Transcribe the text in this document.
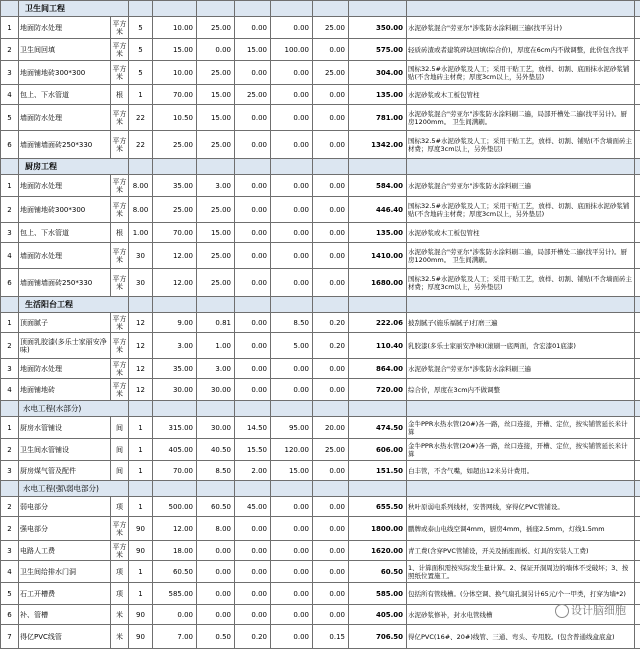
	卫生间工程										
1	地面防水处理	平方米	5	10.00	25.00	0.00	0.00	25.00	350.00	水泥砂浆混合"劳亚尔"涉浆防水涂料刷三遍(找平另计)	
2	卫生间回填	平方米	5	15.00	0.00	15.00	100.00	0.00	575.00	轻质砖渣或者建筑碎块回填(综合价)，厚度在6cm内不做调整，此价包含找平	
3	地面铺地砖300*300	平方米	5	10.00	25.00	0.00	0.00	25.00	304.00	国标32.5#水泥砂浆及人工；采用干贴工艺，放样、切割、底面抹水泥砂浆铺贴(不含地砖主材费；厚度3cm以上，另外垫层)	
4	包上、下水管道	根	1	70.00	15.00	25.00	0.00	0.00	135.00	水泥砂浆或木工板包管柱	
5	墙面防水处理	平方米	22	10.50	15.00	0.00	0.00	0.00	781.00	水泥砂浆混合"劳亚尔"涉浆防水涂料刷二遍，局部开槽处二遍(找平另计)。厨房1200mm。 卫生间满刷。	
6	墙面铺墙面砖250*330	平方米	22	25.00	25.00	0.00	0.00	0.00	1342.00	国标32.5#水泥砂浆及人工；采用干贴工艺，放样、切割、铺贴(不含墙面砖主材费；厚度3cm以上，另外垫层)	
	厨房工程										
1	地面防水处理	平方米	8.00	35.00	3.00	0.00	0.00	0.00	584.00	水泥砂浆混合"劳亚尔"涉浆防水涂料刷三遍	
2	地面铺地砖300*300	平方米	8.00	25.00	25.00	0.00	0.00	0.00	446.40	国标32.5#水泥砂浆及人工；采用干贴工艺，放样、切割、底面抹水泥砂浆铺贴(不含地砖主材费；厚度3cm以上，另外垫层)	
3	包上、下水管道	根	1.00	70.00	15.00	0.00	0.00	0.00	135.00	水泥砂浆或木工板包管柱	
4	墙面防水处理	平方米	30	12.00	25.00	0.00	0.00	0.00	1410.00	水泥砂浆混合"劳亚尔"涉浆防水涂料刷二遍，局部开槽处二遍(找平另计)。厨房1200mm。 卫生间满刷。	
6	墙面铺墙面砖250*330	平方米	30	12.00	25.00	0.00	0.00	0.00	1680.00	国标32.5#水泥砂浆及人工；采用干贴工艺，放样、切割、铺贴(不含墙面砖主材费；厚度3cm以上，另外垫层)	
	生活阳台工程										
1	顶面腻子	平方米	12	9.00	0.81	0.00	8.50	0.20	222.06	披刮腻子(施乐福腻子)打磨三遍	
2	顶面乳胶漆(多乐士家丽安净味)	平方米	12	3.00	1.00	0.00	5.00	0.20	110.40	乳胶漆(多乐士家丽安净味)(滚刷一底两面，含宏漆01底漆)	
3	地面防水处理	平方米	12	35.00	3.00	0.00	0.00	0.00	864.00	水泥砂浆混合"劳亚尔"涉浆防水涂料刷三遍	
4	地面铺地砖	平方米	12	30.00	30.00	0.00	0.00	0.00	720.00	综合价，厚度在3cm内不做调整	
	水电工程(水部分)										
1	厨房水管铺设	间	1	315.00	30.00	14.50	95.00	20.00	474.50	金牛PPR水热水管(20#)各一路，丝口连接，开槽、定位，按实铺管延长米计算	
2	卫生间水管铺设	间	1	405.00	40.50	15.50	120.00	25.00	606.00	金牛PPR水热水管(20#)各一路，丝口连接，开槽、定位，按实铺管延长米计算	
3	厨房煤气管及配件	间	1	70.00	8.50	2.00	15.00	0.00	151.50	白丰管，不含气嘴，如超出12米另计费用。	
	水电工程(强\弱电部分)										
2	弱电部分	项	1	500.00	60.50	45.00	0.00	0.00	655.50	秋叶原弱电系列线材，安普网线，穿得亿PVC管铺设。	
2	强电部分	平方米	90	12.00	8.00	0.00	0.00	0.00	1800.00	鹏牌或泰山电线空调4mm，厨房4mm，插座2.5mm，灯线1.5mm	
3	电路人工费	平方米	90	18.00	0.00	0.00	0.00	0.00	1620.00	青工费(含穿PVC管铺设，开关及插座面板、灯具的安装人工费)	
4	卫生间给排水门洞	项	1	60.50	0.00	0.00	0.00	0.00	60.50	1、计算面积需按实际发生量计算。2、保证开洞周边的墙体不受破坏；3、按照纸位置施工。	
5	石工开槽费	项	1	585.00	0.00	0.00	0.00	0.00	585.00	包括所有管线槽。(分体空调、换气扇孔洞另计65元/个一甲类，打穿为墙*2)	
6	补、管槽	米	90	0.00	0.00	0.00	0.00	0.00	405.00	水泥砂浆修补，封水电管线槽	
7	得亿PVC线管	米	90	7.00	0.50	0.20	0.00	0.15	706.50	得亿PVC(16#、20#)线管、三通、弯头、专用胶。(包含普通线盒底盒)	
设计脑细胞
